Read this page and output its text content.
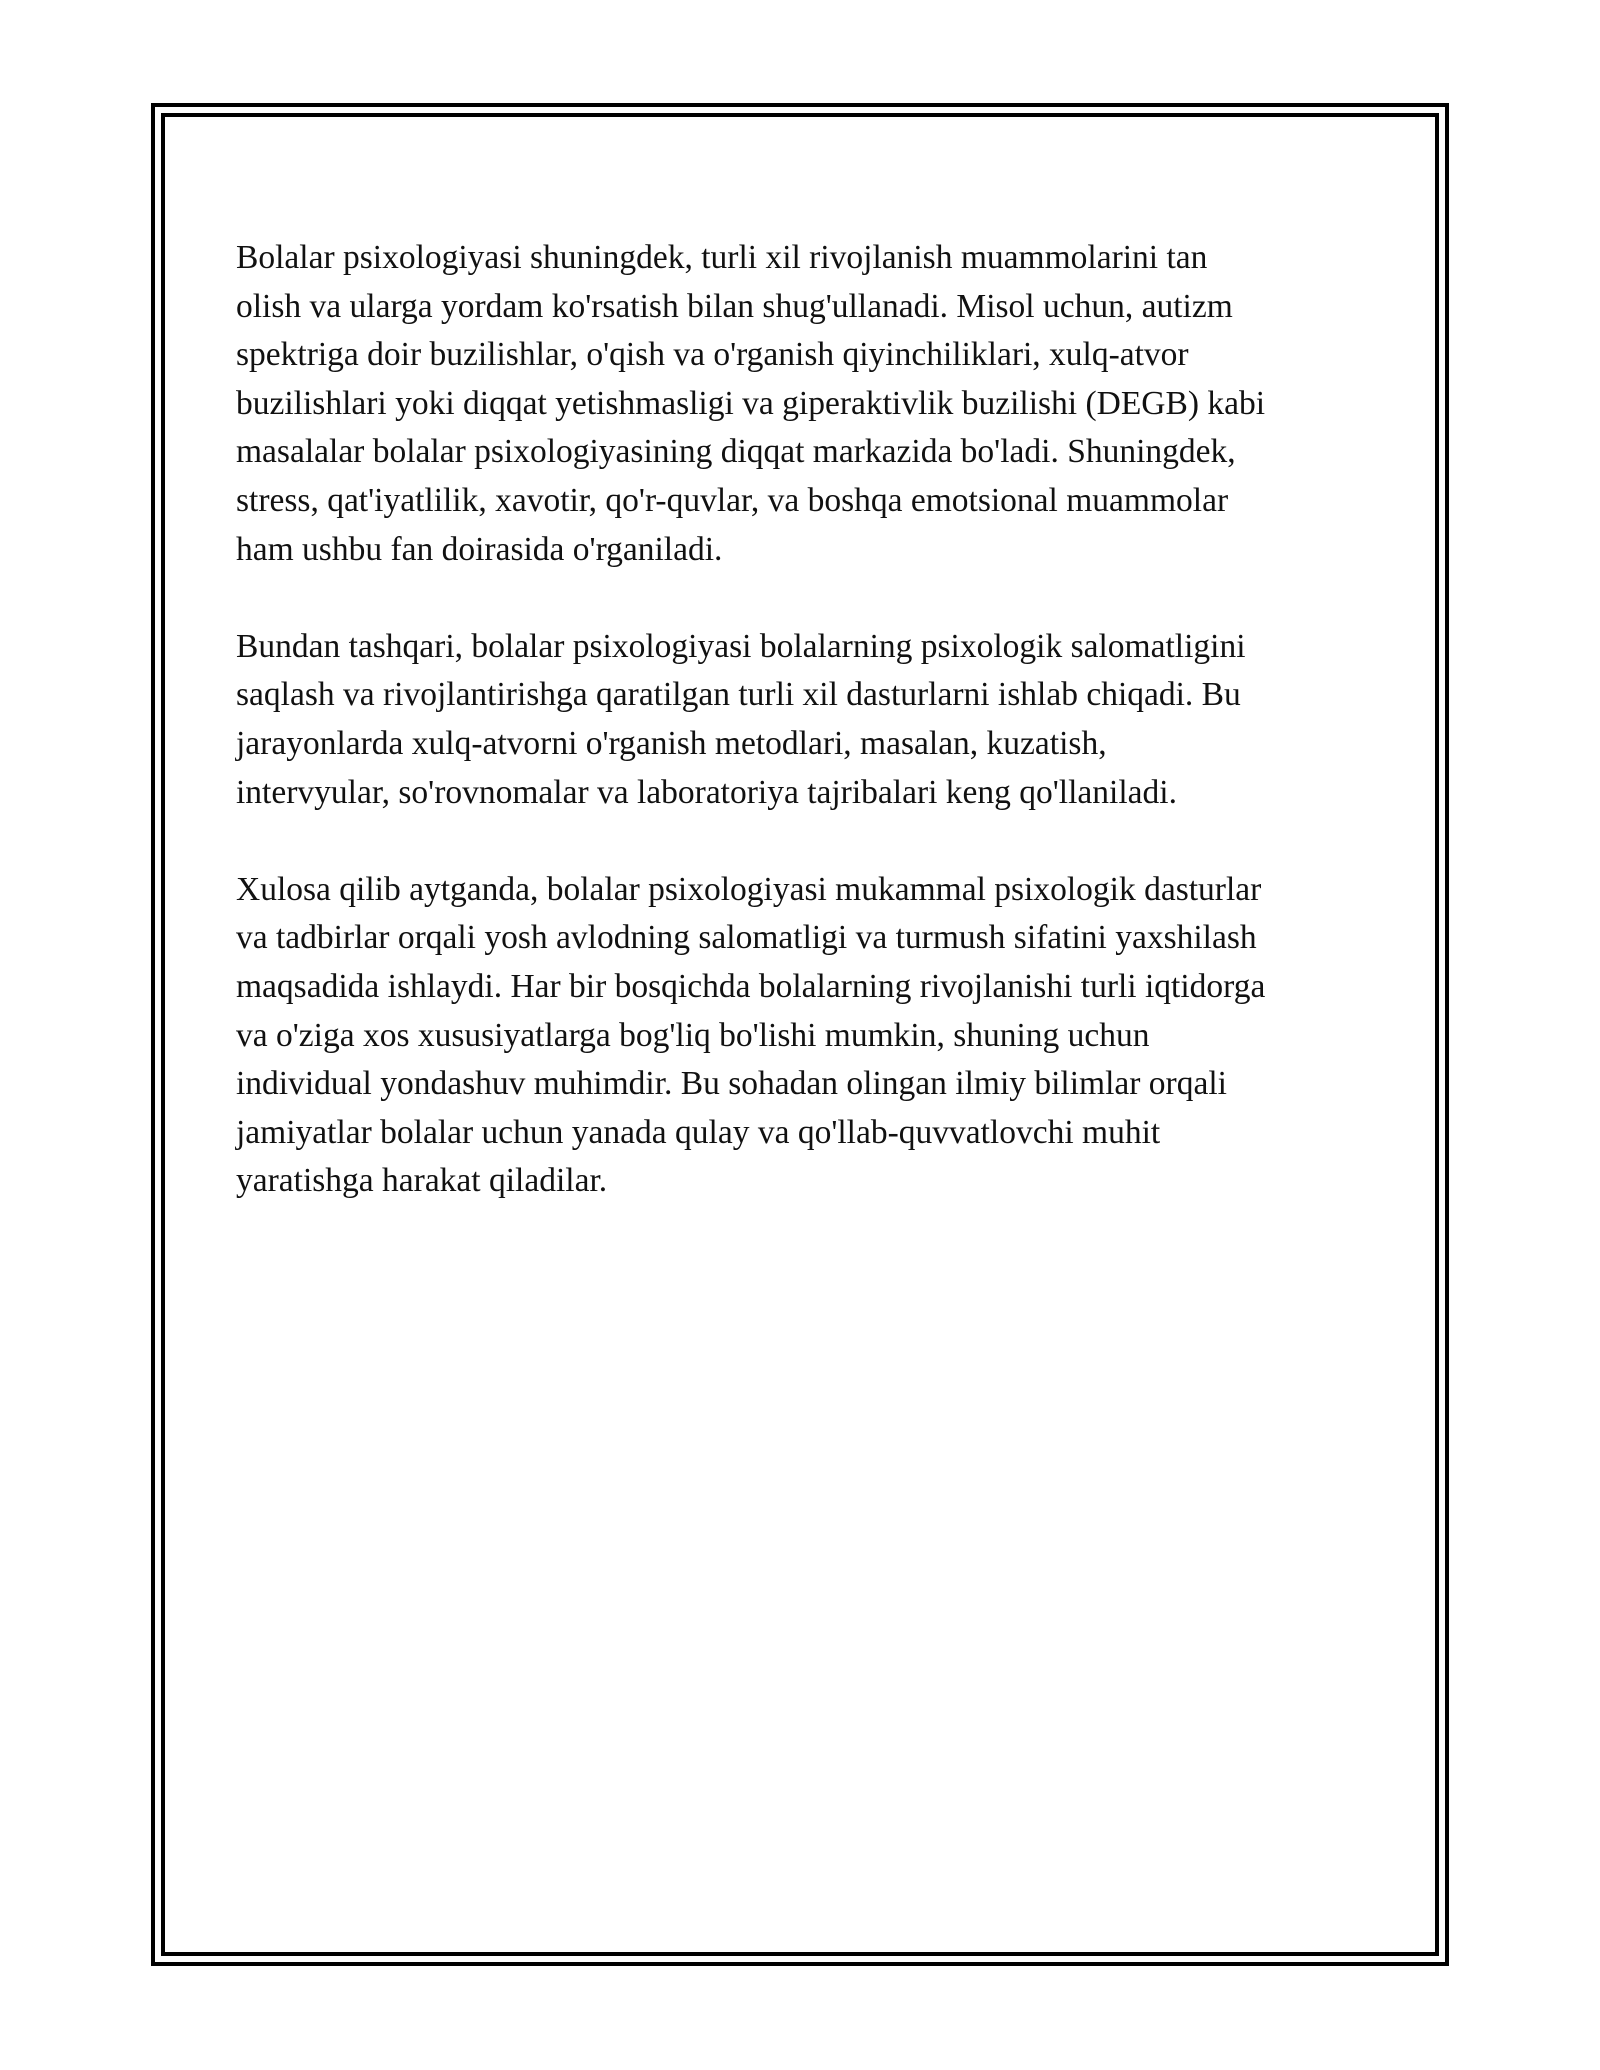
Bolalar psixologiyasi shuningdek, turli xil rivojlanish muammolarini tan
olish va ularga yordam ko'rsatish bilan shug'ullanadi. Misol uchun, autizm
spektriga doir buzilishlar, o'qish va o'rganish qiyinchiliklari, xulq-atvor
buzilishlari yoki diqqat yetishmasligi va giperaktivlik buzilishi (DEGB) kabi
masalalar bolalar psixologiyasining diqqat markazida bo'ladi. Shuningdek,
stress, qat'iyatlilik, xavotir, qo'r-quvlar, va boshqa emotsional muammolar
ham ushbu fan doirasida o'rganiladi.

Bundan tashqari, bolalar psixologiyasi bolalarning psixologik salomatligini
saqlash va rivojlantirishga qaratilgan turli xil dasturlarni ishlab chiqadi. Bu
jarayonlarda xulq-atvorni o'rganish metodlari, masalan, kuzatish,
intervyular, so'rovnomalar va laboratoriya tajribalari keng qo'llaniladi.

Xulosa qilib aytganda, bolalar psixologiyasi mukammal psixologik dasturlar
va tadbirlar orqali yosh avlodning salomatligi va turmush sifatini yaxshilash
maqsadida ishlaydi. Har bir bosqichda bolalarning rivojlanishi turli iqtidorga
va o'ziga xos xususiyatlarga bog'liq bo'lishi mumkin, shuning uchun
individual yondashuv muhimdir. Bu sohadan olingan ilmiy bilimlar orqali
jamiyatlar bolalar uchun yanada qulay va qo'llab-quvvatlovchi muhit
yaratishga harakat qiladilar.
